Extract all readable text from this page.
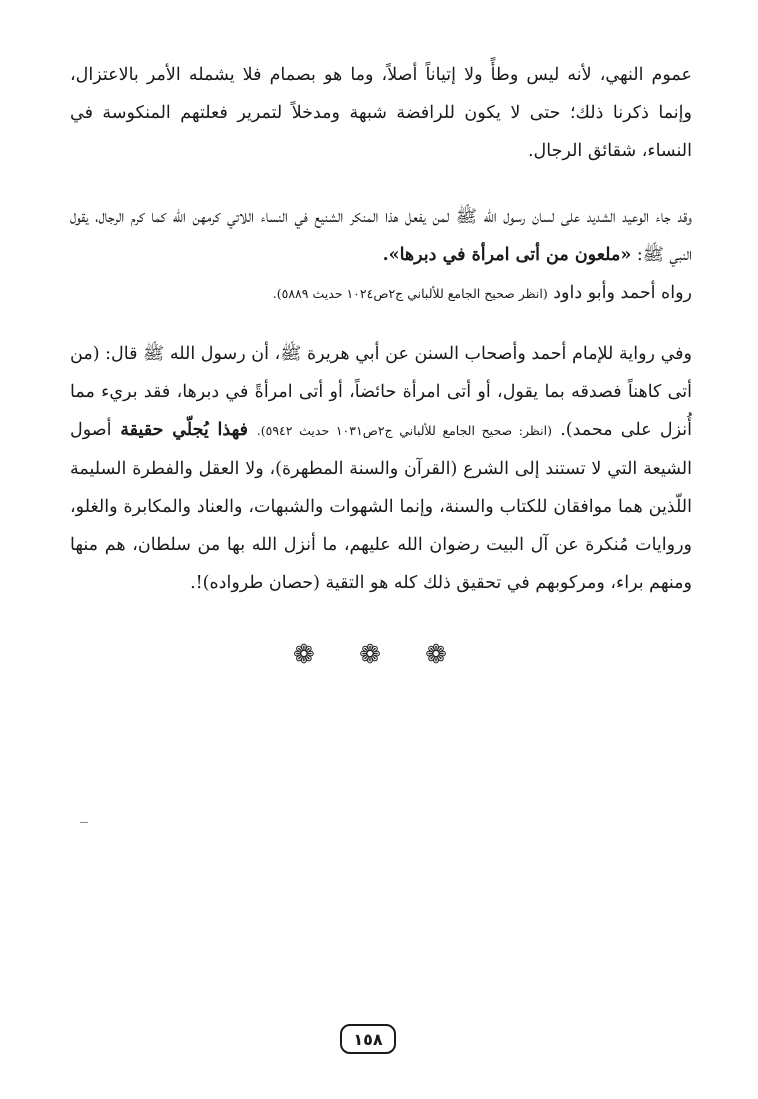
عموم النهي، لأنه ليس وطأً ولا إتياناً أصلاً، وما هو بصمام فلا يشمله الأمر بالاعتزال، وإنما ذكرنا ذلك؛ حتى لا يكون للرافضة شبهة ومدخلاً لتمرير فعلتهم المنكوسة في النساء، شقائق الرجال.

وقد جاء الوعيد الشديد على لسان رسول الله ﷺ لمن يفعل هذا المنكر الشنيع في النساء اللاتي كرمهن الله كما كرم الرجال، يقول النبي ﷺ: «ملعون من أتى امرأة في دبرها».
رواه أحمد وأبو داود (انظر صحيح الجامع للألباني ج٢ص١٠٢٤ حديث ٥٨٨٩).

وفي رواية للإمام أحمد وأصحاب السنن عن أبي هريرة ﷺ، أن رسول الله ﷺ قال: (من أتى كاهناً فصدقه بما يقول، أو أتى امرأة حائضاً، أو أتى امرأةً في دبرها، فقد بريء مما أُنزل على محمد). (انظر: صحيح الجامع للألباني ج٢ص١٠٣١ حديث ٥٩٤٢). فهذا يُجلّي حقيقة أصول الشيعة التي لا تستند إلى الشرع (القرآن والسنة المطهرة)، ولا العقل والفطرة السليمة اللّذين هما موافقان للكتاب والسنة، وإنما الشهوات والشبهات، والعناد والمكابرة والغلو، وروايات مُنكرة عن آل البيت رضوان الله عليهم، ما أنزل الله بها من سلطان، هم منها ومنهم براء، ومركوبهم في تحقيق ذلك كله هو التقية (حصان طرواده)!.

❁ ❁ ❁
١٥٨
